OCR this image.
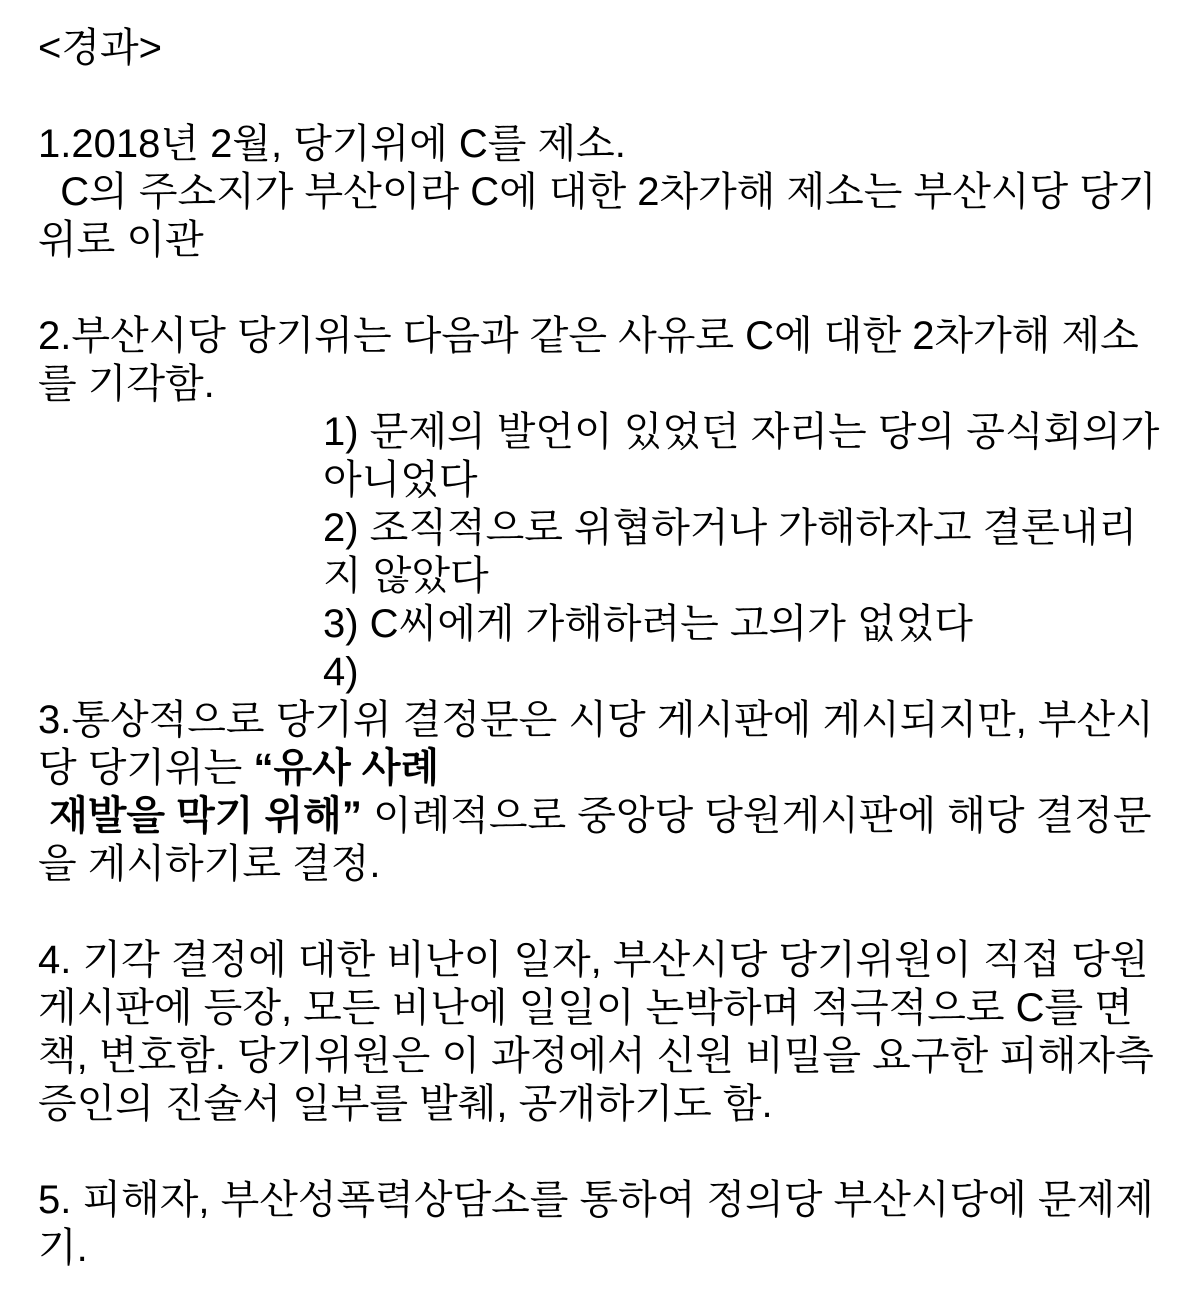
<경과>
1.2018년 2월, 당기위에 C를 제소.
C의 주소지가 부산이라 C에 대한 2차가해 제소는 부산시당 당기
위로 이관
2.부산시당 당기위는 다음과 같은 사유로 C에 대한 2차가해 제소
를 기각함.
1) 문제의 발언이 있었던 자리는 당의 공식회의가
아니었다
2) 조직적으로 위협하거나 가해하자고 결론내리
지 않았다
3) C씨에게 가해하려는 고의가 없었다
4)
3.통상적으로 당기위 결정문은 시당 게시판에 게시되지만, 부산시
당 당기위는 “유사 사례
재발을 막기 위해” 이례적으로 중앙당 당원게시판에 해당 결정문
을 게시하기로 결정.
4. 기각 결정에 대한 비난이 일자, 부산시당 당기위원이 직접 당원
게시판에 등장, 모든 비난에 일일이 논박하며 적극적으로 C를 면
책, 변호함. 당기위원은 이 과정에서 신원 비밀을 요구한 피해자측
증인의 진술서 일부를 발췌, 공개하기도 함.
5. 피해자, 부산성폭력상담소를 통하여 정의당 부산시당에 문제제
기.
